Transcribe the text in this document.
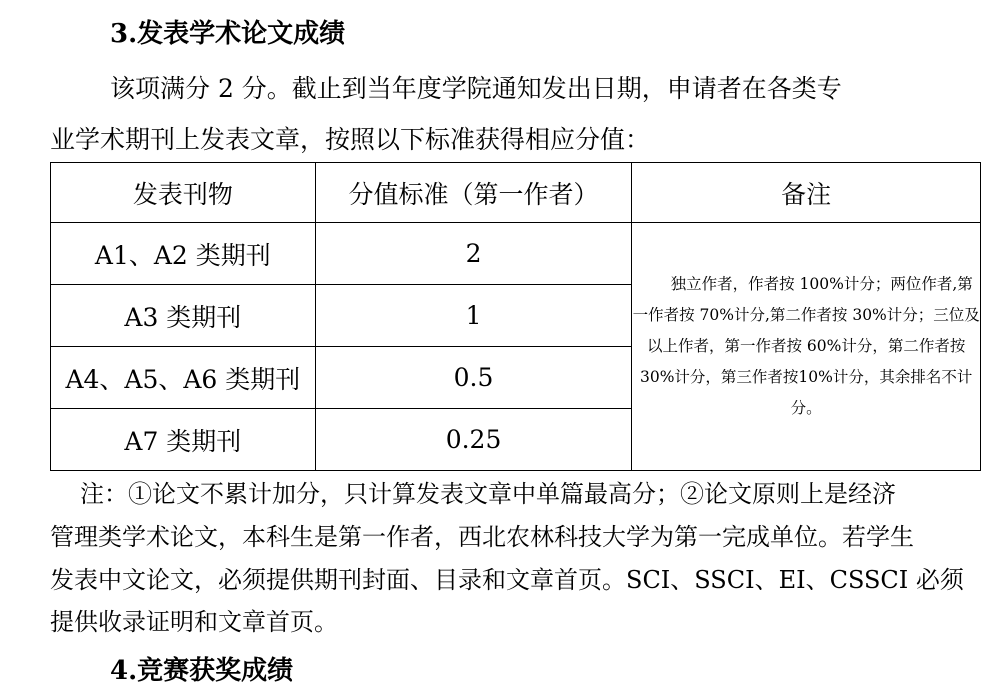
3.发表学术论文成绩
该项满分 2 分。截止到当年度学院通知发出日期，申请者在各类专
业学术期刊上发表文章，按照以下标准获得相应分值：
发表刊物	分值标准（第一作者）	备注
A1、A2 类期刊	2	独立作者，作者按 100%计分；两位作者,第一作者按 70%计分,第二作者按 30%计分；三位及以上作者，第一作者按 60%计分，第二作者按 30%计分，第三作者按10%计分，其余排名不计分。

A3 类期刊	1	
A4、A5、A6 类期刊	0.5	
A7 类期刊	0.25	
注：①论文不累计加分，只计算发表文章中单篇最高分；②论文原则上是经济
管理类学术论文，本科生是第一作者，西北农林科技大学为第一完成单位。若学生
发表中文论文，必须提供期刊封面、目录和文章首页。SCI、SSCI、EI、CSSCI 必须
提供收录证明和文章首页。
4.竞赛获奖成绩
